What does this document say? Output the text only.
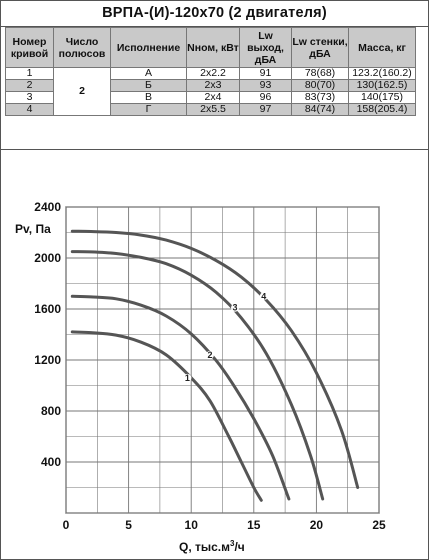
ВРПА-(И)-120х70 (2 двигателя)
Номер кривой	Число полюсов	Исполнение	Nном, кВт	Lw выход, дБА	Lw стенки, дБА	Масса, кг
1	2	А	2х2.2	91	78(68)	123.2(160.2)
2		Б	2х3	93	80(70)	130(162.5)
3		В	2х4	96	83(73)	140(175)
4		Г	2х5.5	97	84(74)	158(205.4)
0	5	10	15	20	25
400
800
1200
1600
2000
2400
1
2
3
4
Pv, Па
Q, $тыс.м^3/ч$
